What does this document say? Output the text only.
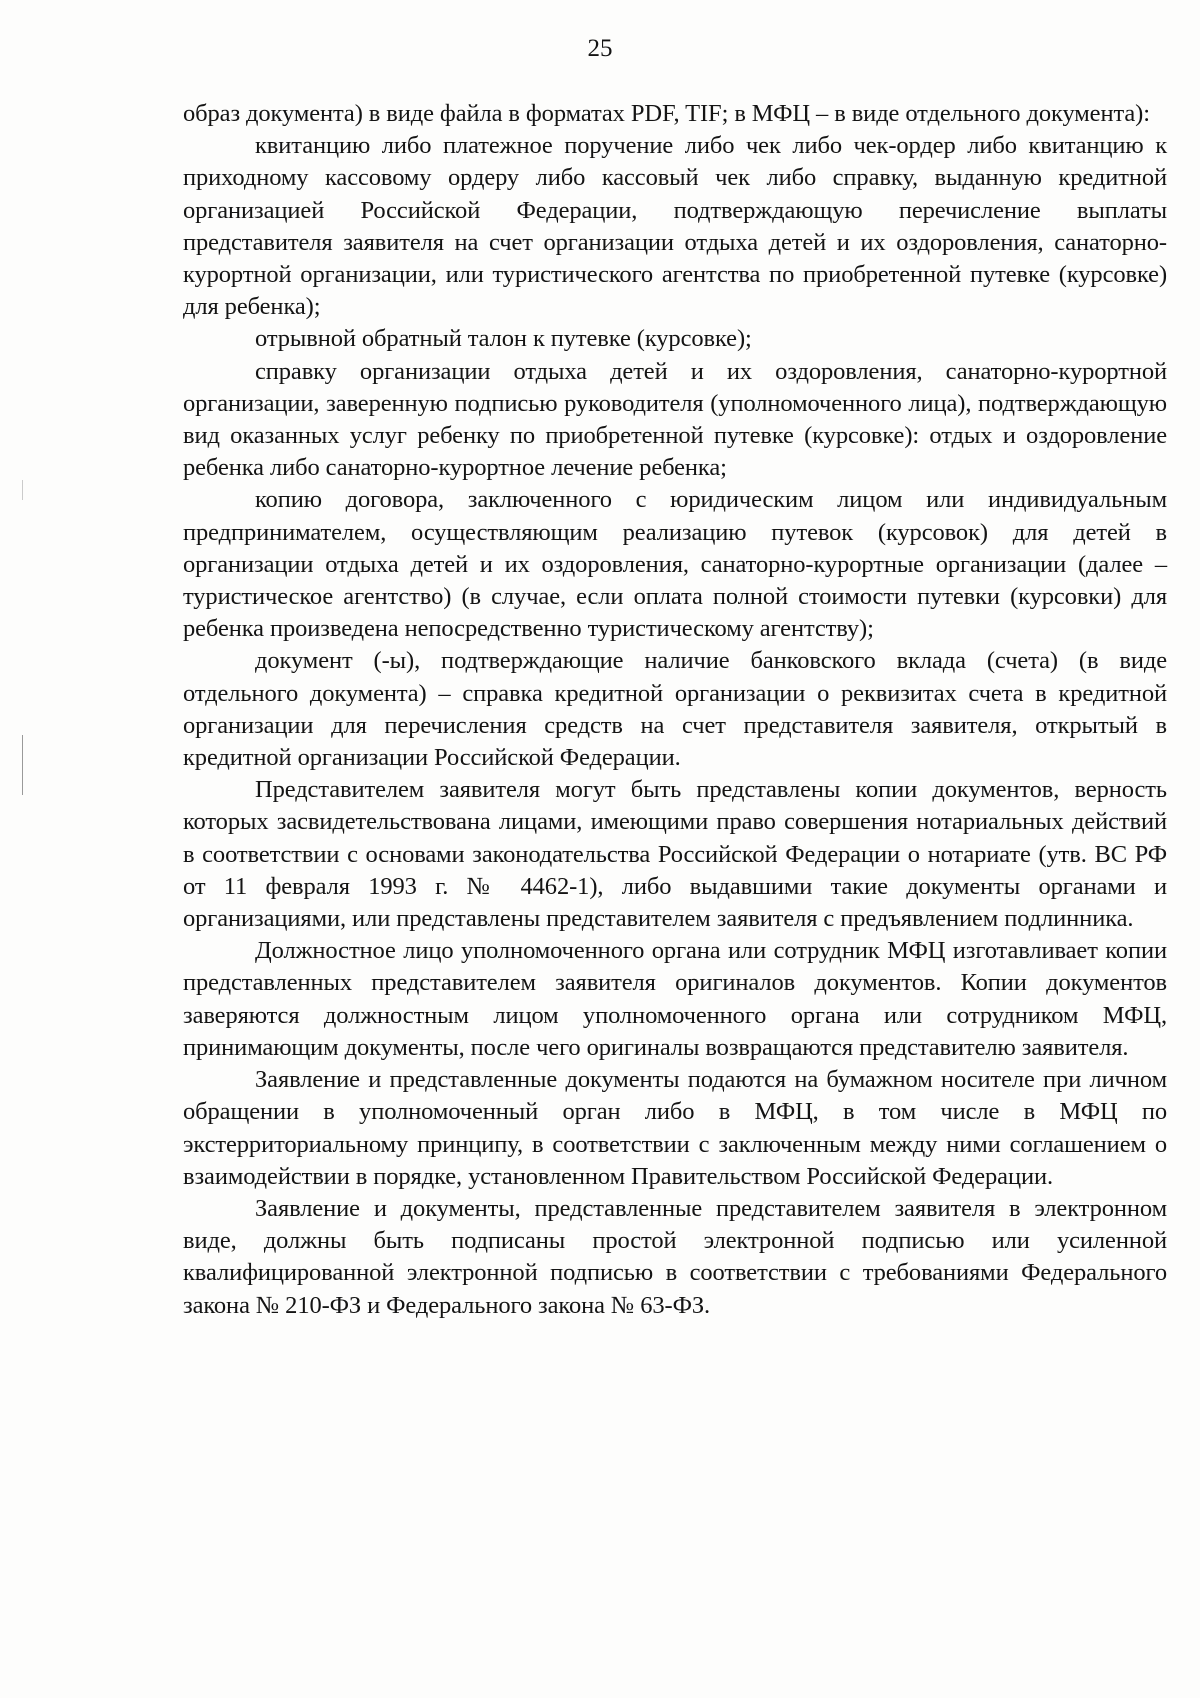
25

образ документа) в виде файла в форматах PDF, TIF; в МФЦ – в виде отдельного документа):

квитанцию либо платежное поручение либо чек либо чек-ордер либо квитанцию к приходному кассовому ордеру либо кассовый чек либо справку, выданную кредитной организацией Российской Федерации, подтверждающую перечисление выплаты представителя заявителя на счет организации отдыха детей и их оздоровления, санаторно-курортной организации, или туристического агентства по приобретенной путевке (курсовке) для ребенка);

отрывной обратный талон к путевке (курсовке);

справку организации отдыха детей и их оздоровления, санаторно-курортной организации, заверенную подписью руководителя (уполномоченного лица), подтверждающую вид оказанных услуг ребенку по приобретенной путевке (курсовке): отдых и оздоровление ребенка либо санаторно-курортное лечение ребенка;

копию договора, заключенного с юридическим лицом или индивидуальным предпринимателем, осуществляющим реализацию путевок (курсовок) для детей в организации отдыха детей и их оздоровления, санаторно-курортные организации (далее – туристическое агентство) (в случае, если оплата полной стоимости путевки (курсовки) для ребенка произведена непосредственно туристическому агентству);

документ (-ы), подтверждающие наличие банковского вклада (счета) (в виде отдельного документа) – справка кредитной организации о реквизитах счета в кредитной организации для перечисления средств на счет представителя заявителя, открытый в кредитной организации Российской Федерации.

Представителем заявителя могут быть представлены копии документов, верность которых засвидетельствована лицами, имеющими право совершения нотариальных действий в соответствии с основами законодательства Российской Федерации о нотариате (утв. ВС РФ от 11 февраля 1993 г. № 4462-1), либо выдавшими такие документы органами и организациями, или представлены представителем заявителя с предъявлением подлинника.

Должностное лицо уполномоченного органа или сотрудник МФЦ изготавливает копии представленных представителем заявителя оригиналов документов. Копии документов заверяются должностным лицом уполномоченного органа или сотрудником МФЦ, принимающим документы, после чего оригиналы возвращаются представителю заявителя.

Заявление и представленные документы подаются на бумажном носителе при личном обращении в уполномоченный орган либо в МФЦ, в том числе в МФЦ по экстерриториальному принципу, в соответствии с заключенным между ними соглашением о взаимодействии в порядке, установленном Правительством Российской Федерации.

Заявление и документы, представленные представителем заявителя в электронном виде, должны быть подписаны простой электронной подписью или усиленной квалифицированной электронной подписью в соответствии с требованиями Федерального закона № 210-ФЗ и Федерального закона № 63-ФЗ.
